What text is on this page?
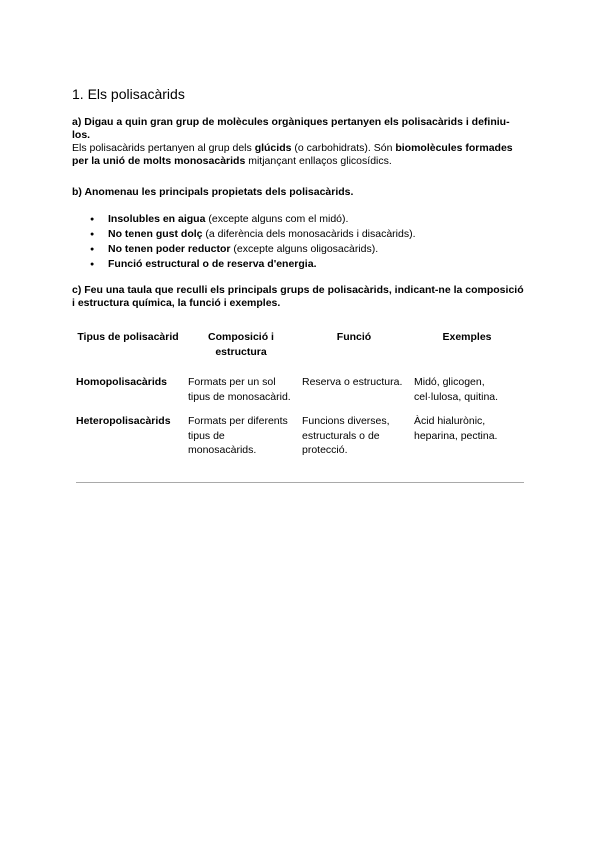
1. Els polisacàrids
a) Digau a quin gran grup de molècules orgàniques pertanyen els polisacàrids i definiu-los.
Els polisacàrids pertanyen al grup dels glúcids (o carbohidrats). Són biomolècules formades per la unió de molts monosacàrids mitjançant enllaços glicosídics.
b) Anomenau les principals propietats dels polisacàrids.
● Insolubles en aigua (excepte alguns com el midó).
● No tenen gust dolç (a diferència dels monosacàrids i disacàrids).
● No tenen poder reductor (excepte alguns oligosacàrids).
● Funció estructural o de reserva d'energia.
c) Feu una taula que reculli els principals grups de polisacàrids, indicant-ne la composició i estructura química, la funció i exemples.
Tipus de polisacàrid	Composició i estructura	Funció	Exemples
Homopolisacàrids	Formats per un sol tipus de monosacàrid.	Reserva o estructura.	Midó, glicogen, cel·lulosa, quitina.
Heteropolisacàrids	Formats per diferents tipus de monosacàrids.	Funcions diverses, estructurals o de protecció.	Àcid hialurònic, heparina, pectina.
